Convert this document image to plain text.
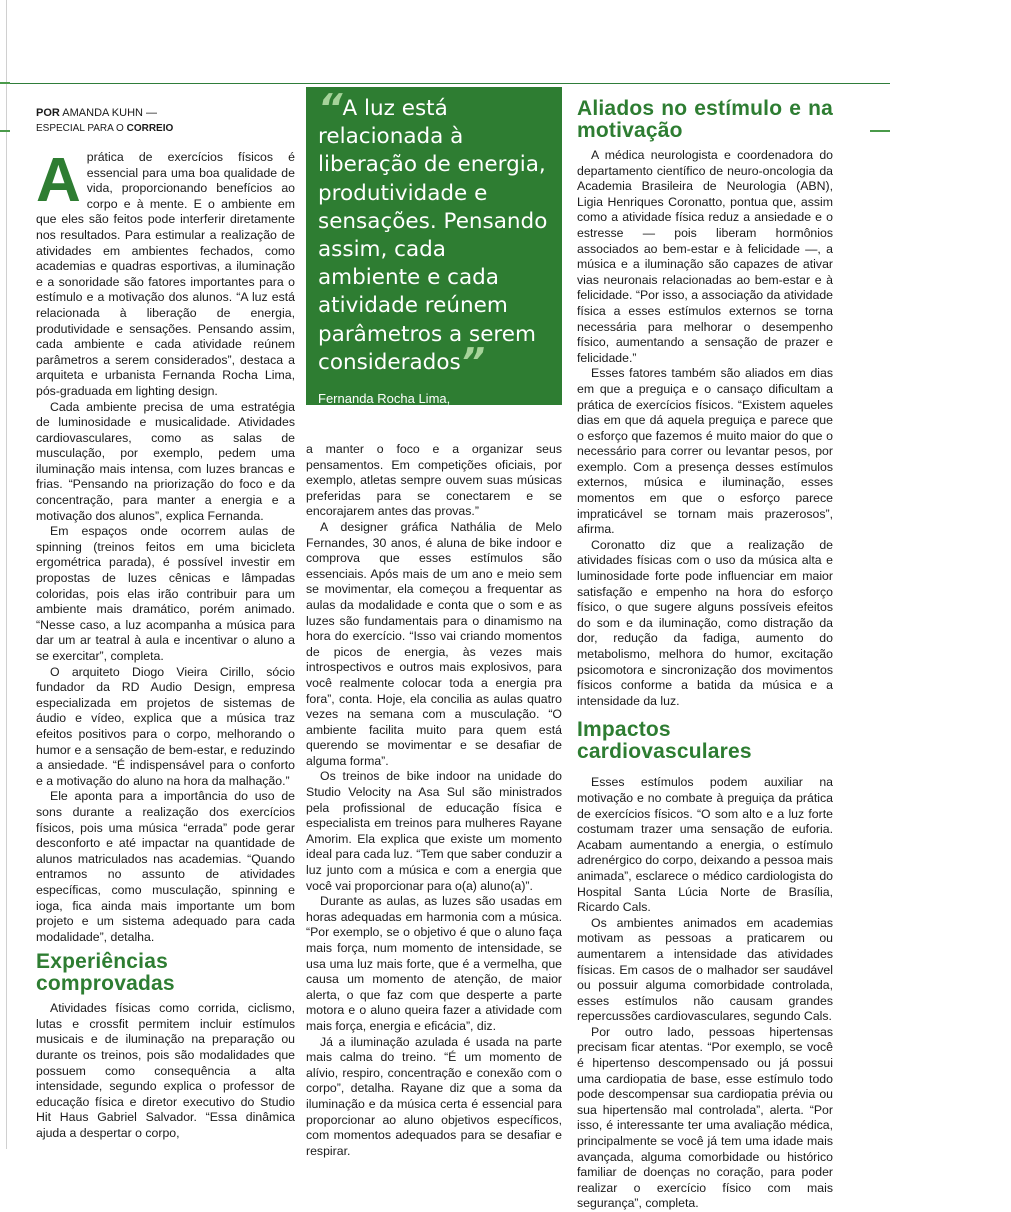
POR AMANDA KUHN —
ESPECIAL PARA O CORREIO

Aprática de exercícios físicos é essencial para uma boa qualidade de vida, proporcionando benefícios ao corpo e à mente. E o ambiente em que eles são feitos pode interferir diretamente nos resultados. Para estimular a realização de atividades em ambientes fechados, como academias e quadras esportivas, a iluminação e a sonoridade são fatores importantes para o estímulo e a motivação dos alunos. “A luz está relacionada à liberação de energia, produtividade e sensações. Pensando assim, cada ambiente e cada atividade reúnem parâmetros a serem considerados”, destaca a arquiteta e urbanista Fernanda Rocha Lima, pós-graduada em lighting design.

Cada ambiente precisa de uma estratégia de luminosidade e musicalidade. Atividades cardiovasculares, como as salas de musculação, por exemplo, pedem uma iluminação mais intensa, com luzes brancas e frias. “Pensando na priorização do foco e da concentração, para manter a energia e a motivação dos alunos”, explica Fernanda.

Em espaços onde ocorrem aulas de spinning (treinos feitos em uma bicicleta ergométrica parada), é possível investir em propostas de luzes cênicas e lâmpadas coloridas, pois elas irão contribuir para um ambiente mais dramático, porém animado. “Nesse caso, a luz acompanha a música para dar um ar teatral à aula e incentivar o aluno a se exercitar”, completa.

O arquiteto Diogo Vieira Cirillo, sócio fundador da RD Audio Design, empresa especializada em projetos de sistemas de áudio e vídeo, explica que a música traz efeitos positivos para o corpo, melhorando o humor e a sensação de bem-estar, e reduzindo a ansiedade. “É indispensável para o conforto e a motivação do aluno na hora da malhação.”

Ele aponta para a importância do uso de sons durante a realização dos exercícios físicos, pois uma música “errada” pode gerar desconforto e até impactar na quantidade de alunos matriculados nas academias. “Quando entramos no assunto de atividades específicas, como musculação, spinning e ioga, fica ainda mais importante um bom projeto e um sistema adequado para cada modalidade”, detalha.

Experiências comprovadas

Atividades físicas como corrida, ciclismo, lutas e crossfit permitem incluir estímulos musicais e de iluminação na preparação ou durante os treinos, pois são modalidades que possuem como consequência a alta intensidade, segundo explica o professor de educação física e diretor executivo do Studio Hit Haus Gabriel Salvador. “Essa dinâmica ajuda a despertar o corpo,

“A luz está relacionada à liberação de energia, produtividade e sensações. Pensando assim, cada ambiente e cada atividade reúnem parâmetros a serem considerados”
Fernanda Rocha Lima,
arquiteta e urbanista

a manter o foco e a organizar seus pensamentos. Em competições oficiais, por exemplo, atletas sempre ouvem suas músicas preferidas para se conectarem e se encorajarem antes das provas.”

A designer gráfica Nathália de Melo Fernandes, 30 anos, é aluna de bike indoor e comprova que esses estímulos são essenciais. Após mais de um ano e meio sem se movimentar, ela começou a frequentar as aulas da modalidade e conta que o som e as luzes são fundamentais para o dinamismo na hora do exercício. “Isso vai criando momentos de picos de energia, às vezes mais introspectivos e outros mais explosivos, para você realmente colocar toda a energia pra fora”, conta. Hoje, ela concilia as aulas quatro vezes na semana com a musculação. “O ambiente facilita muito para quem está querendo se movimentar e se desafiar de alguma forma”.

Os treinos de bike indoor na unidade do Studio Velocity na Asa Sul são ministrados pela profissional de educação física e especialista em treinos para mulheres Rayane Amorim. Ela explica que existe um momento ideal para cada luz. “Tem que saber conduzir a luz junto com a música e com a energia que você vai proporcionar para o(a) aluno(a)”.

Durante as aulas, as luzes são usadas em horas adequadas em harmonia com a música. “Por exemplo, se o objetivo é que o aluno faça mais força, num momento de intensidade, se usa uma luz mais forte, que é a vermelha, que causa um momento de atenção, de maior alerta, o que faz com que desperte a parte motora e o aluno queira fazer a atividade com mais força, energia e eficácia”, diz.

Já a iluminação azulada é usada na parte mais calma do treino. “É um momento de alívio, respiro, concentração e conexão com o corpo”, detalha. Rayane diz que a soma da iluminação e da música certa é essencial para proporcionar ao aluno objetivos específicos, com momentos adequados para se desafiar e respirar.

Aliados no estímulo e na motivação

A médica neurologista e coordenadora do departamento científico de neuro-oncologia da Academia Brasileira de Neurologia (ABN), Ligia Henriques Coronatto, pontua que, assim como a atividade física reduz a ansiedade e o estresse — pois liberam hormônios associados ao bem-estar e à felicidade —, a música e a iluminação são capazes de ativar vias neuronais relacionadas ao bem-estar e à felicidade. “Por isso, a associação da atividade física a esses estímulos externos se torna necessária para melhorar o desempenho físico, aumentando a sensação de prazer e felicidade.”

Esses fatores também são aliados em dias em que a preguiça e o cansaço dificultam a prática de exercícios físicos. “Existem aqueles dias em que dá aquela preguiça e parece que o esforço que fazemos é muito maior do que o necessário para correr ou levantar pesos, por exemplo. Com a presença desses estímulos externos, música e iluminação, esses momentos em que o esforço parece impraticável se tornam mais prazerosos”, afirma.

Coronatto diz que a realização de atividades físicas com o uso da música alta e luminosidade forte pode influenciar em maior satisfação e empenho na hora do esforço físico, o que sugere alguns possíveis efeitos do som e da iluminação, como distração da dor, redução da fadiga, aumento do metabolismo, melhora do humor, excitação psicomotora e sincronização dos movimentos físicos conforme a batida da música e a intensidade da luz.

Impactos cardiovasculares

Esses estímulos podem auxiliar na motivação e no combate à preguiça da prática de exercícios físicos. “O som alto e a luz forte costumam trazer uma sensação de euforia. Acabam aumentando a energia, o estímulo adrenérgico do corpo, deixando a pessoa mais animada”, esclarece o médico cardiologista do Hospital Santa Lúcia Norte de Brasília, Ricardo Cals.

Os ambientes animados em academias motivam as pessoas a praticarem ou aumentarem a intensidade das atividades físicas. Em casos de o malhador ser saudável ou possuir alguma comorbidade controlada, esses estímulos não causam grandes repercussões cardiovasculares, segundo Cals.

Por outro lado, pessoas hipertensas precisam ficar atentas. “Por exemplo, se você é hipertenso descompensado ou já possui uma cardiopatia de base, esse estímulo todo pode descompensar sua cardiopatia prévia ou sua hipertensão mal controlada”, alerta. “Por isso, é interessante ter uma avaliação médica, principalmente se você já tem uma idade mais avançada, alguma comorbidade ou histórico familiar de doenças no coração, para poder realizar o exercício físico com mais segurança”, completa.
